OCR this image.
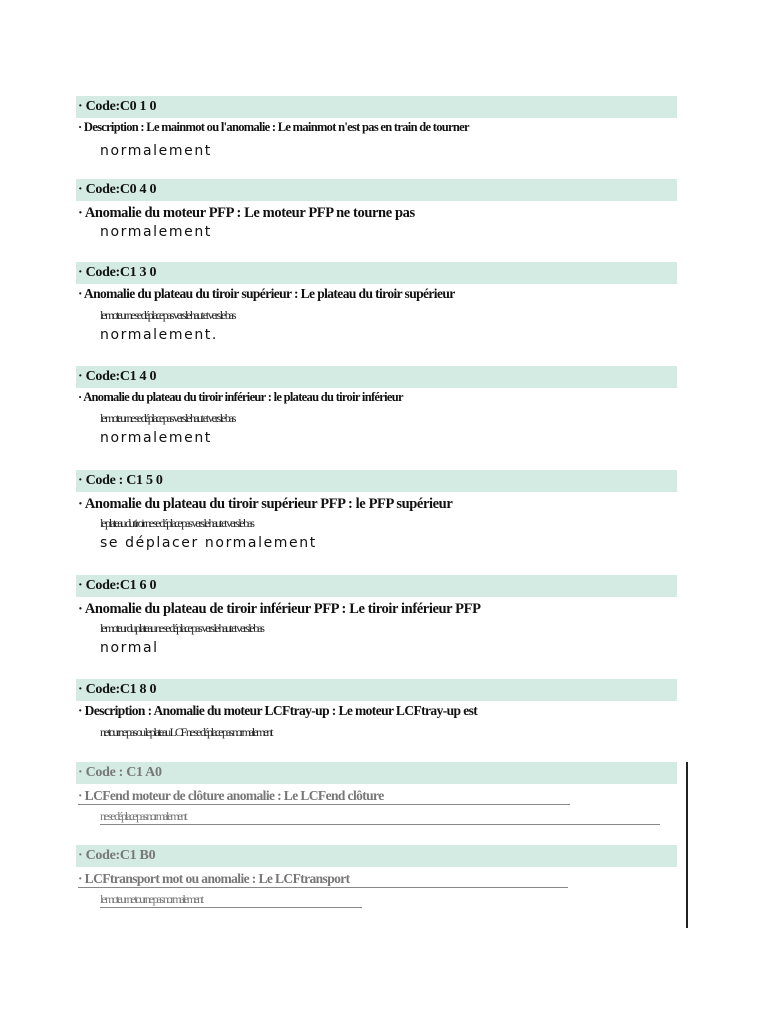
· Code:C0 1 0
· Description : Le mainmot ou l'anomalie : Le mainmot n'est pas en train de tourner
normalement
· Code:C0 4 0
· Anomalie du moteur PFP : Le moteur PFP ne tourne pas
normalement
· Code:C1 3 0
· Anomalie du plateau du tiroir supérieur : Le plateau du tiroir supérieur
le moteur ne se déplace pas vers le haut et vers le bas
normalement.
· Code:C1 4 0
· Anomalie du plateau du tiroir inférieur : le plateau du tiroir inférieur
le moteur ne se déplace pas vers le haut et vers le bas
normalement
· Code : C1 5 0
· Anomalie du plateau du tiroir supérieur PFP : le PFP supérieur
le plateau du tiroir ne se déplace pas vers le haut et vers le bas
se déplacer normalement
· Code:C1 6 0
· Anomalie du plateau de tiroir inférieur PFP : Le tiroir inférieur PFP
le moteur du plateau ne se déplace pas vers le haut et vers le bas
normal
· Code:C1 8 0
· Description : Anomalie du moteur LCFtray-up : Le moteur LCFtray-up est
ne tourne pas ou le plateau LCF ne se déplace pas normalement
· Code : C1 A0
· LCFend moteur de clôture anomalie : Le LCFend clôture
ne se déplace pas normalement
· Code:C1 B0
· LCFtransport mot ou anomalie : Le LCFtransport
le moteur ne tourne pas normalement
